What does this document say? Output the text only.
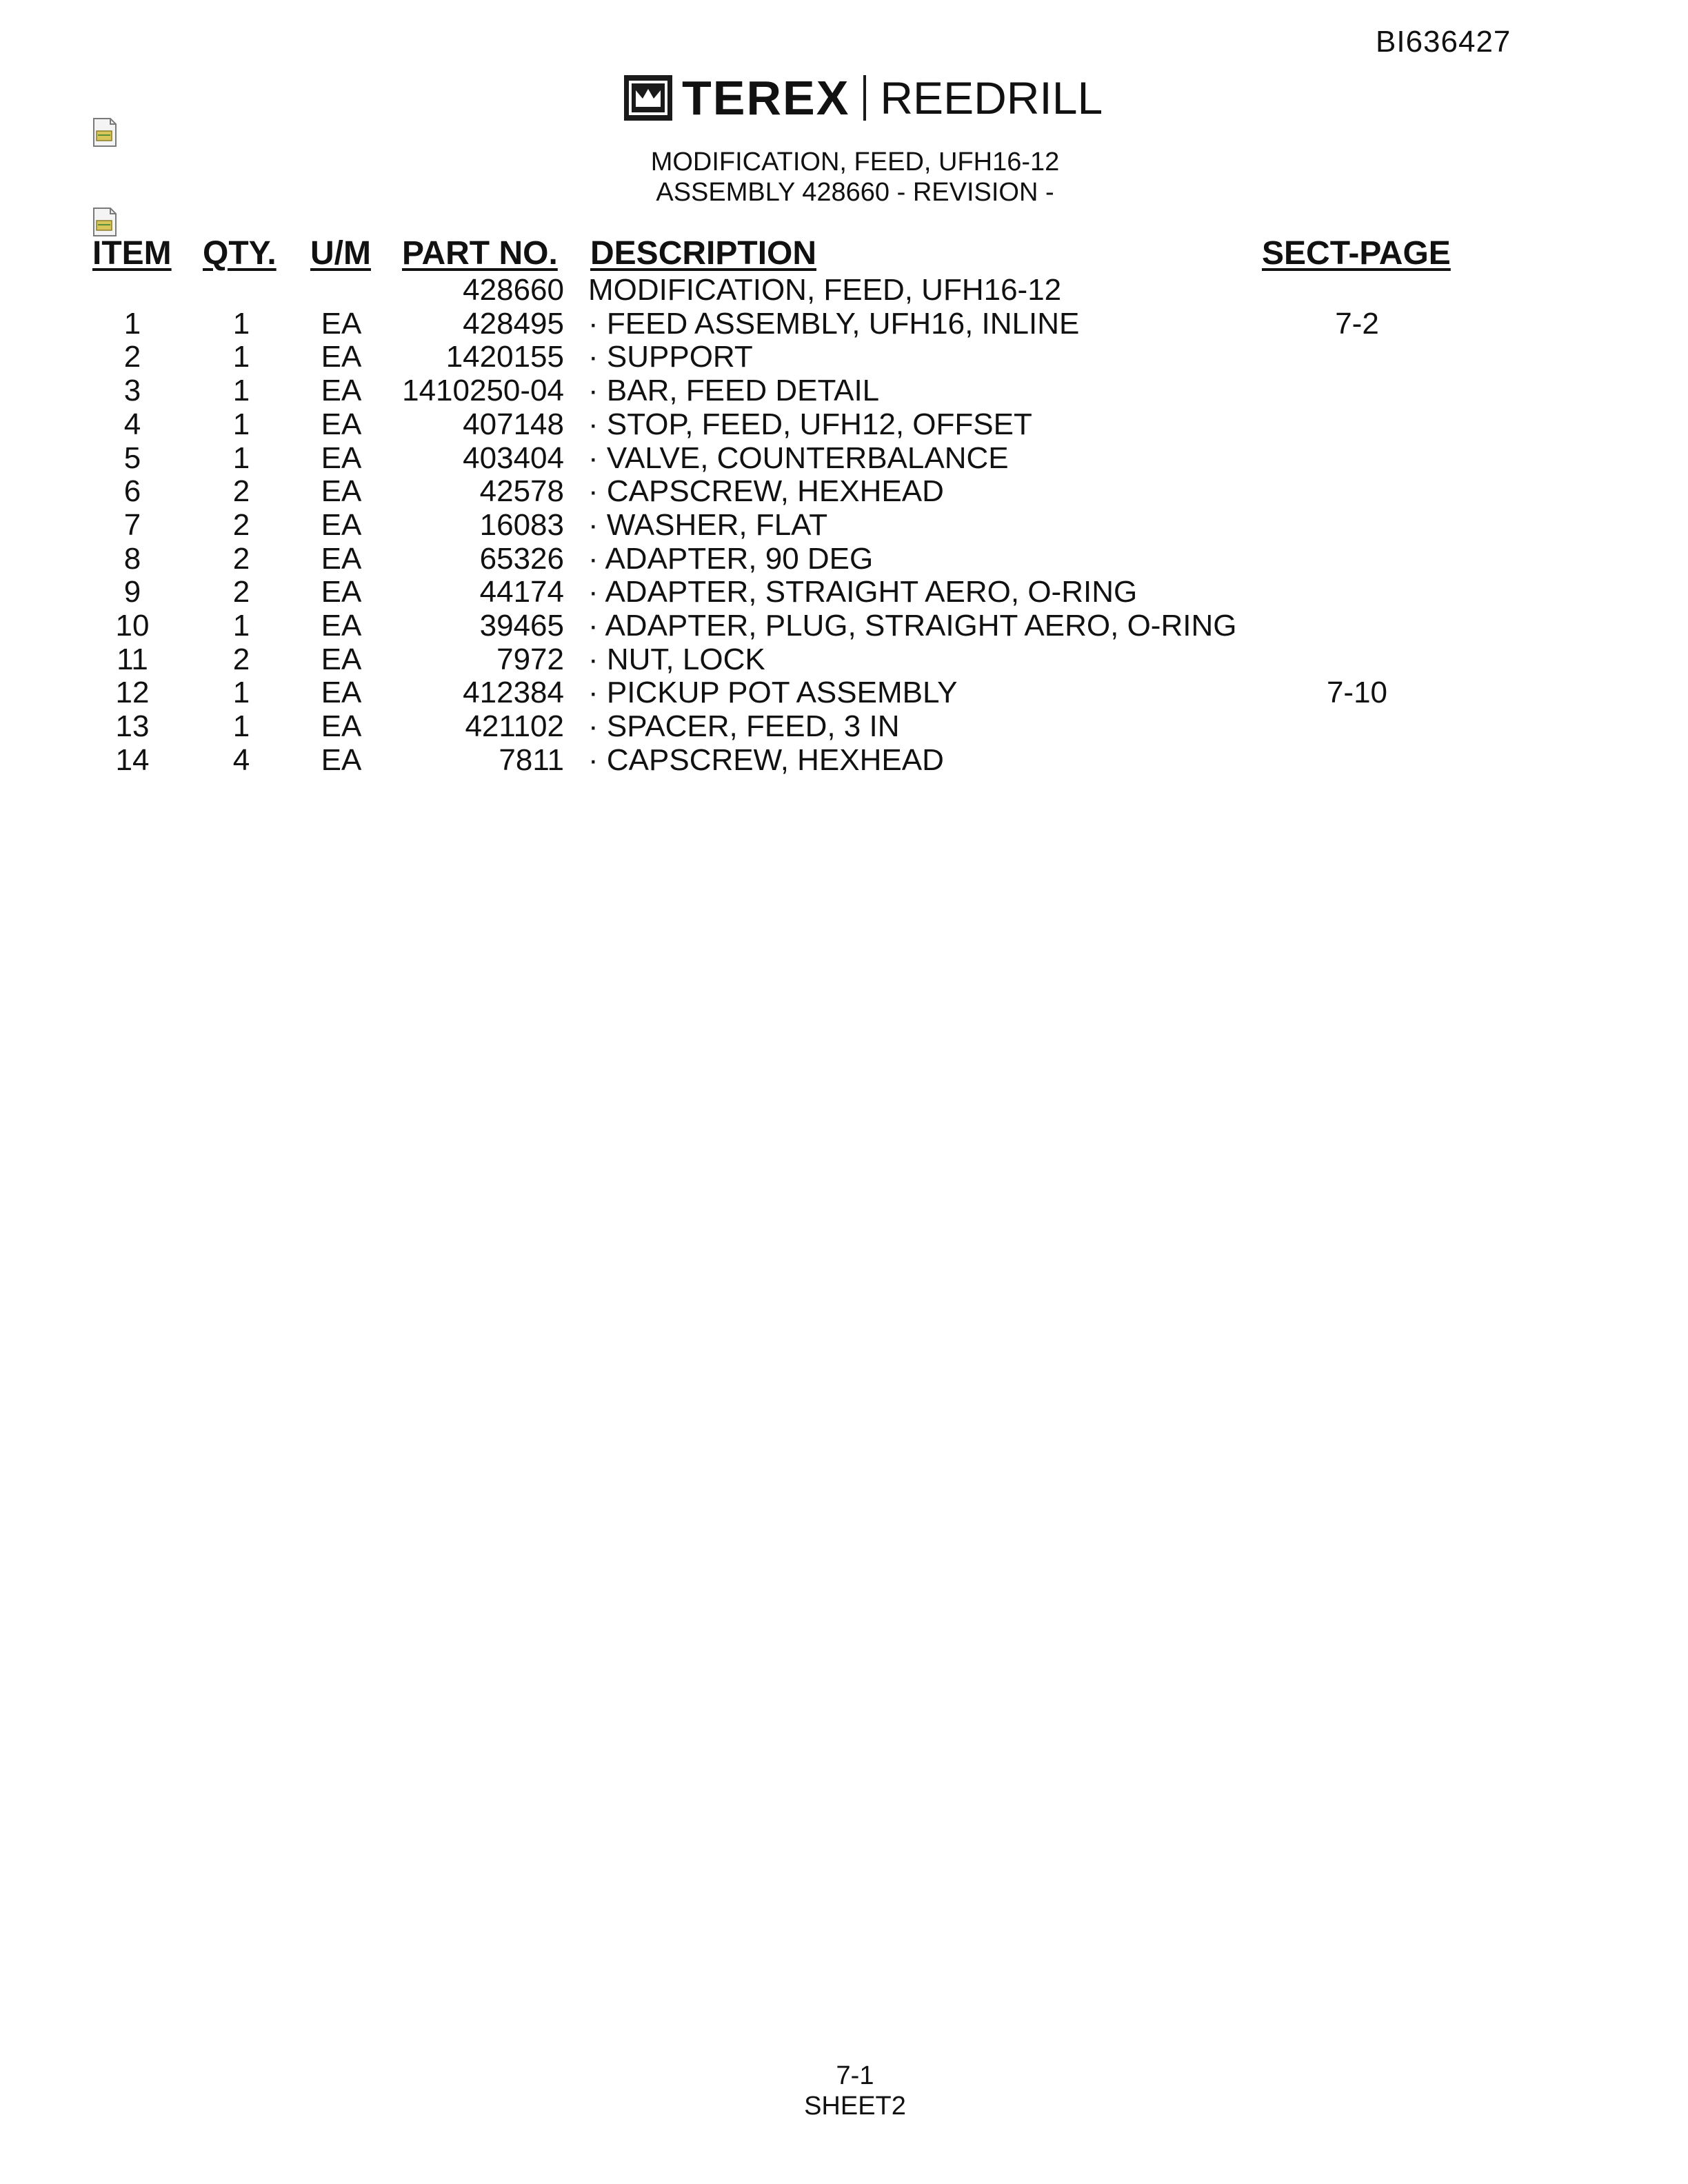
BI636427
TEREX REEDRILL
MODIFICATION, FEED, UFH16-12
ASSEMBLY 428660 - REVISION -
ITEM QTY. U/M PART NO. DESCRIPTION	SECT-PAGE
428660 MODIFICATION, FEED, UFH16-12
1	1	EA	428495 · FEED ASSEMBLY, UFH16, INLINE	7-2
2	1	EA	1420155 · SUPPORT
3	1	EA	1410250-04 · BAR, FEED DETAIL
4	1	EA	407148 · STOP, FEED, UFH12, OFFSET
5	1	EA	403404 · VALVE, COUNTERBALANCE
6	2	EA	42578 · CAPSCREW, HEXHEAD
7	2	EA	16083 · WASHER, FLAT
8	2	EA	65326 · ADAPTER, 90 DEG
9	2	EA	44174 · ADAPTER, STRAIGHT AERO, O-RING
10	1	EA	39465 · ADAPTER, PLUG, STRAIGHT AERO, O-RING
11	2	EA	7972 · NUT, LOCK
12	1	EA	412384 · PICKUP POT ASSEMBLY	7-10
13	1	EA	421102 · SPACER, FEED, 3 IN
14	4	EA	7811 · CAPSCREW, HEXHEAD
7-1
SHEET2
